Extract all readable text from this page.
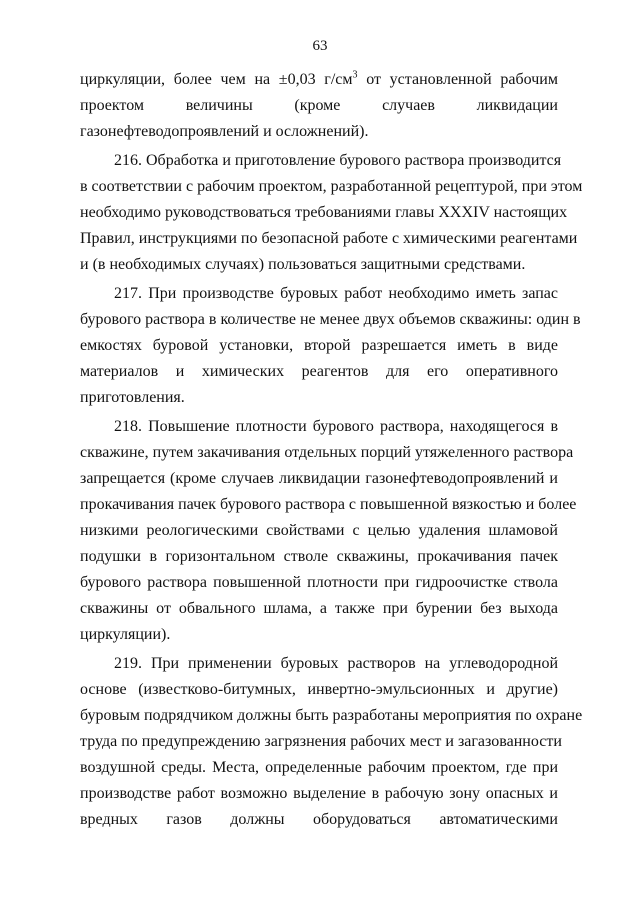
63
циркуляции, более чем на ±0,03 $г/см^3$ от установленной рабочим
проектом величины (кроме случаев ликвидации
газонефтеводопроявлений и осложнений).
216. Обработка и приготовление бурового раствора производится
в соответствии с рабочим проектом, разработанной рецептурой, при этом
необходимо руководствоваться требованиями главы XXXIV настоящих
Правил, инструкциями по безопасной работе с химическими реагентами
и (в необходимых случаях) пользоваться защитными средствами.
217. При производстве буровых работ необходимо иметь запас
бурового раствора в количестве не менее двух объемов скважины: один в
емкостях буровой установки, второй разрешается иметь в виде
материалов и химических реагентов для его оперативного
приготовления.
218. Повышение плотности бурового раствора, находящегося в
скважине, путем закачивания отдельных порций утяжеленного раствора
запрещается (кроме случаев ликвидации газонефтеводопроявлений и
прокачивания пачек бурового раствора с повышенной вязкостью и более
низкими реологическими свойствами с целью удаления шламовой
подушки в горизонтальном стволе скважины, прокачивания пачек
бурового раствора повышенной плотности при гидроочистке ствола
скважины от обвального шлама, а также при бурении без выхода
циркуляции).
219. При применении буровых растворов на углеводородной
основе (известково-битумных, инвертно-эмульсионных и другие)
буровым подрядчиком должны быть разработаны мероприятия по охране
труда по предупреждению загрязнения рабочих мест и загазованности
воздушной среды. Места, определенные рабочим проектом, где при
производстве работ возможно выделение в рабочую зону опасных и
вредных газов должны оборудоваться автоматическими
